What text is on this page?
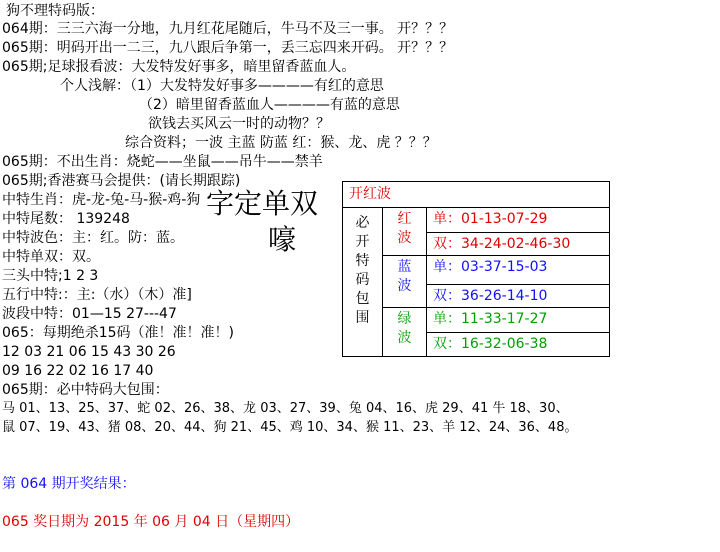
狗不理特码版：
064期：三三六海一分地，九月红花尾随后，牛马不及三一事。 开？？？
065期：明码开出一二三，九八跟后争第一，丢三忘四来开码。 开？？？
065期;足球报看波：大发特发好事多，暗里留香蓝血人。
个人浅解：（1）大发特发好事多————有红的意思
（2）暗里留香蓝血人————有蓝的意思
欲钱去买风云一时的动物？？
综合资料；一波 主蓝 防蓝 红：猴、龙、虎 ？？？
065期：不出生肖：烧蛇——坐鼠——吊牛——禁羊
065期;香港赛马会提供：(请长期跟踪)
中特生肖：虎-龙-兔-马-猴-鸡-狗
中特尾数： 139248
中特波色：主：红。防：蓝。
中特单双：双。
三头中特;1 2 3
五行中特:：主:（水）（木）准]
波段中特：01—15 27---47
065：每期绝杀15码（准！准！准！)
12 03 21 06 15 43 30 26
09 16 22 02 16 17 40
065期：必中特码大包围：
马 01、13、25、37、蛇 02、26、38、龙 03、27、39、兔 04、16、虎 29、41 牛 18、30、
鼠 07、19、43、猪 08、20、44、狗 21、45、鸡 10、34、猴 11、23、羊 12、24、36、48。
第 064 期开奖结果：
065 奖日期为 2015 年 06 月 04 日（星期四）
字定单双
嚎
开红波
必开特码包围
红波
单：01-13-07-29
双：34-24-02-46-30
蓝波
单：03-37-15-03
双：36-26-14-10
绿波
单：11-33-17-27
双：16-32-06-38
